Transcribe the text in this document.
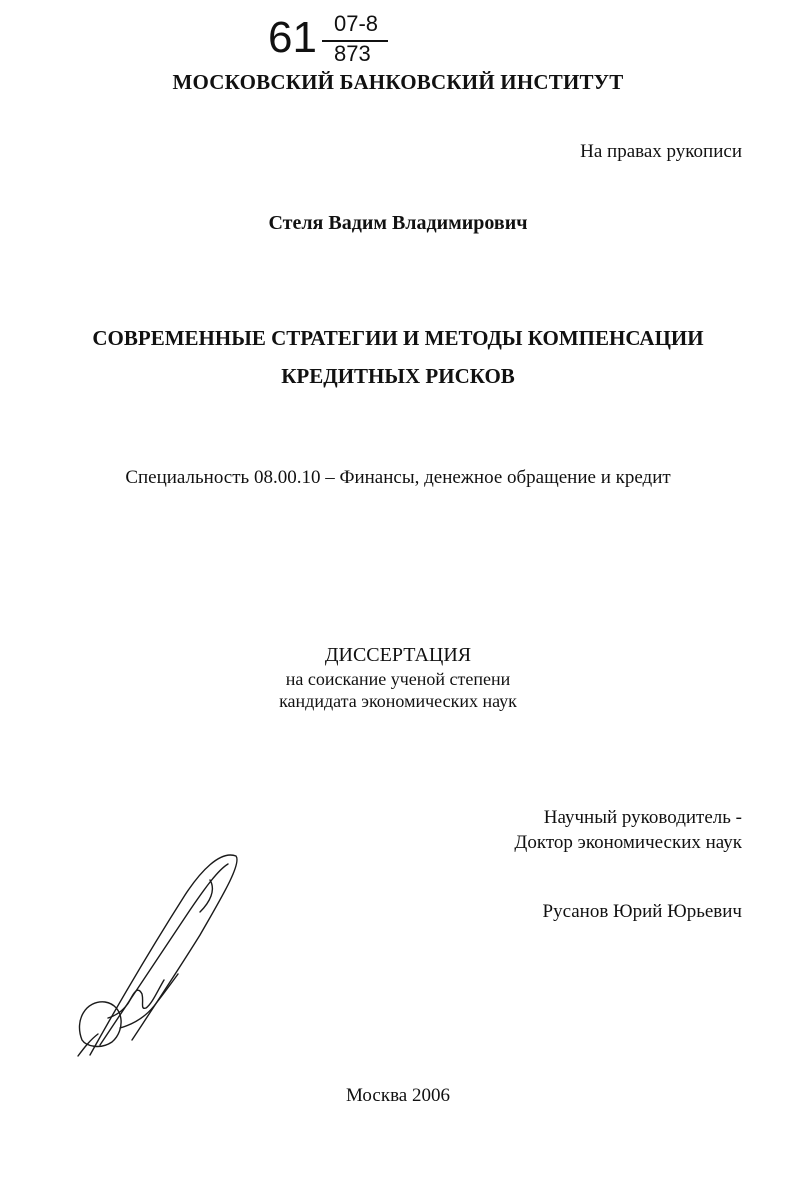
61 07-8
873
МОСКОВСКИЙ БАНКОВСКИЙ ИНСТИТУТ
На правах рукописи
Стеля Вадим Владимирович
СОВРЕМЕННЫЕ СТРАТЕГИИ И МЕТОДЫ КОМПЕНСАЦИИ
КРЕДИТНЫХ РИСКОВ
Специальность 08.00.10 – Финансы, денежное обращение и кредит
ДИССЕРТАЦИЯ
на соискание ученой степени
кандидата экономических наук
Научный руководитель -
Доктор экономических наук
Русанов Юрий Юрьевич
Москва 2006
